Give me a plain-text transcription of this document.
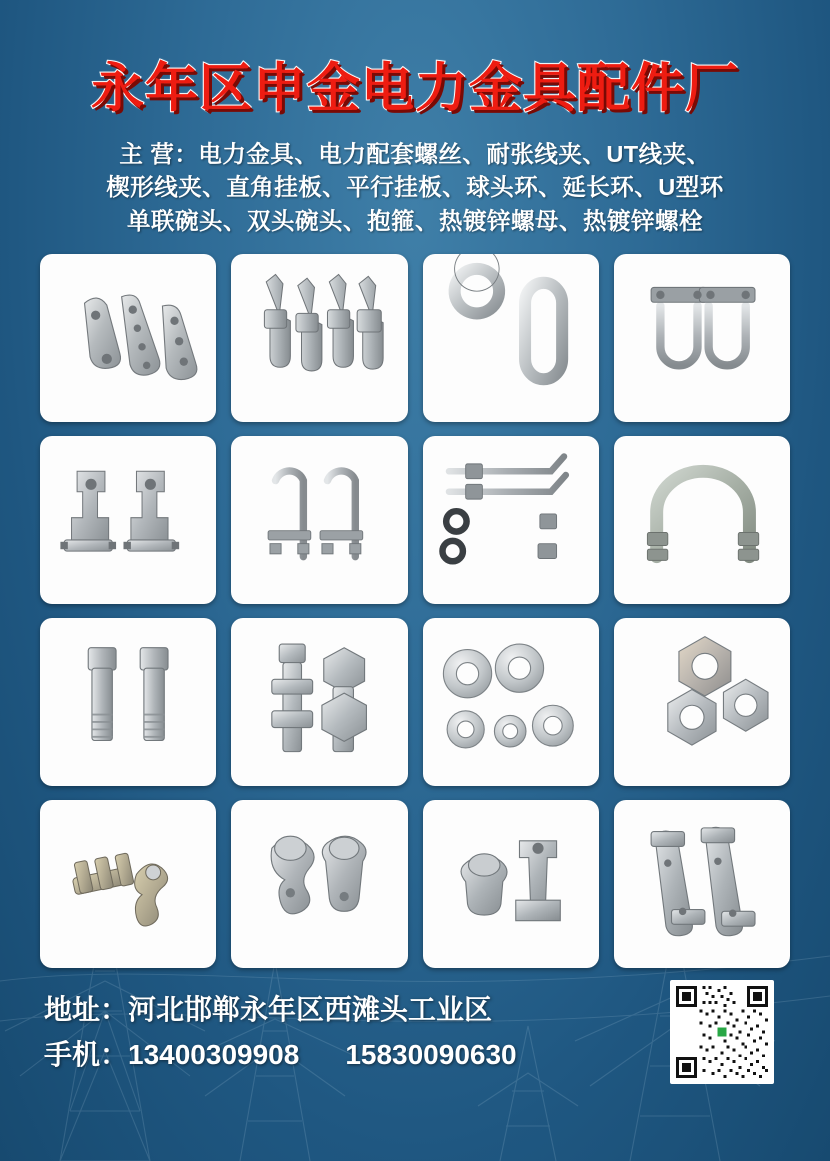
永年区申金电力金具配件厂
主 营：电力金具、电力配套螺丝、耐张线夹、UT线夹、
楔形线夹、直角挂板、平行挂板、球头环、延长环、U型环
单联碗头、双头碗头、抱箍、热镀锌螺母、热镀锌螺栓
地址：河北邯郸永年区西滩头工业区
手机：13400309908 15830090630
